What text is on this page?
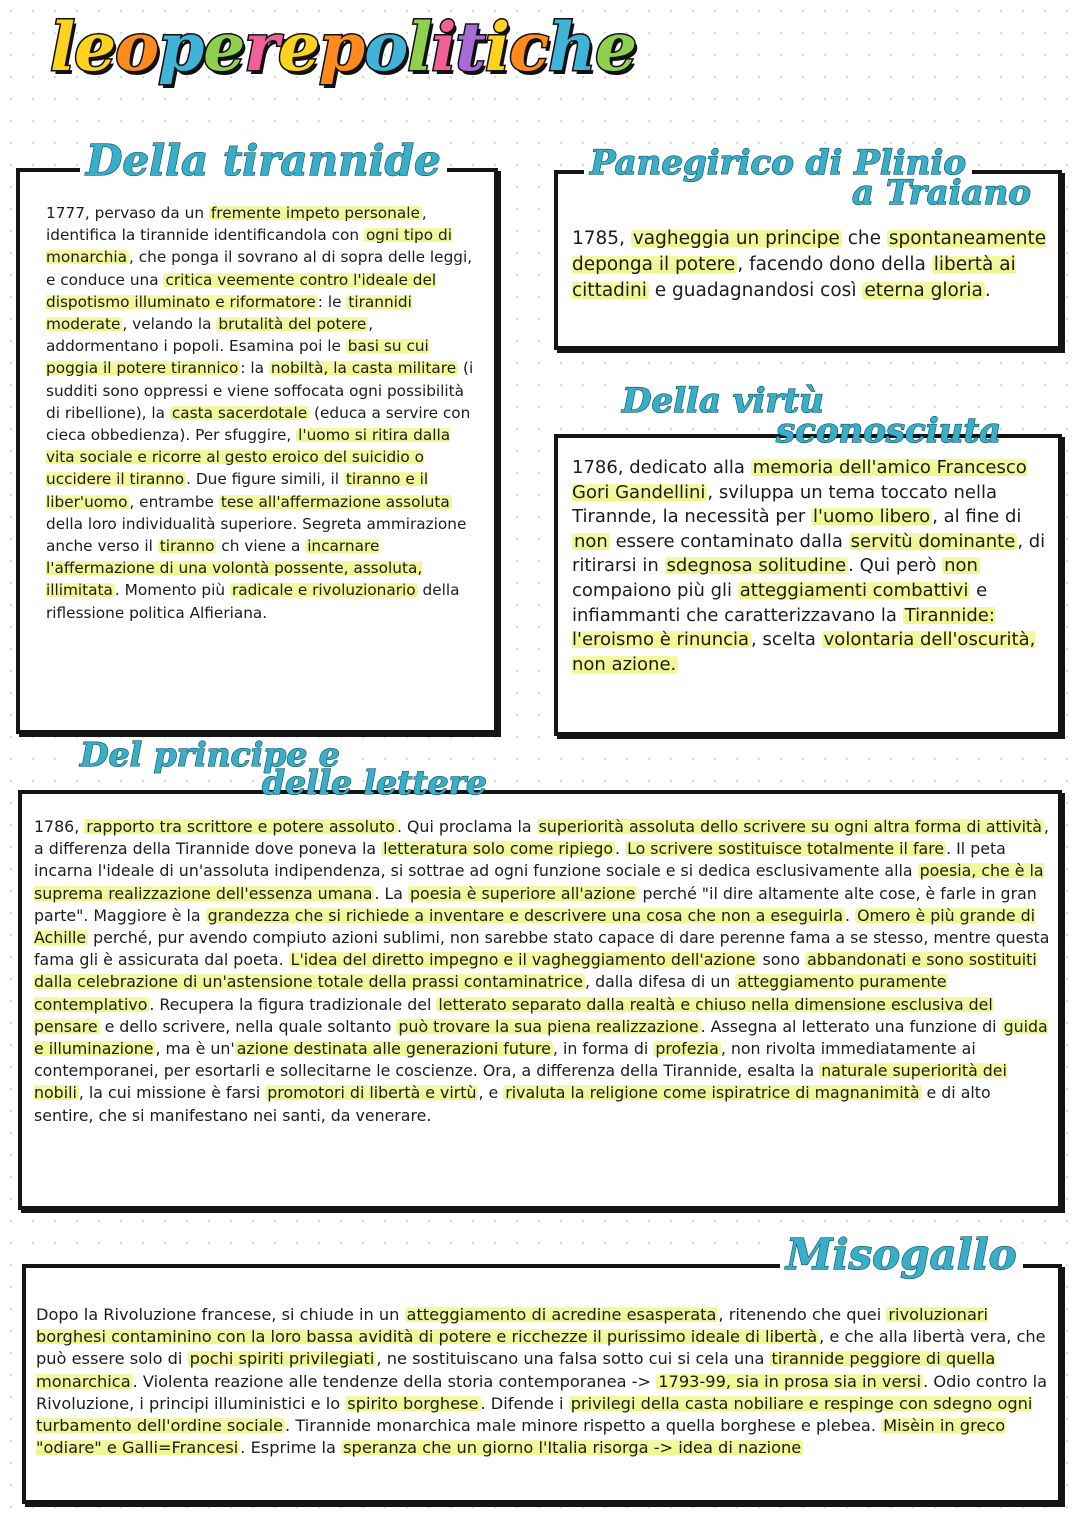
leoperepolitiche

1777, pervaso da un fremente impeto personale , identifica la tirannide identificandola con ogni tipo di monarchia , che ponga il sovrano al di sopra delle leggi, e conduce una critica veemente contro l'ideale del dispotismo illuminato e riformatore : le tirannidi moderate , velando la brutalità del potere , addormentano i popoli. Esamina poi le basi su cui poggia il potere tirannico : la nobiltà, la casta militare (i sudditi sono oppressi e viene soffocata ogni possibilità di ribellione), la casta sacerdotale (educa a servire con cieca obbedienza). Per sfuggire, l'uomo si ritira dalla vita sociale e ricorre al gesto eroico del suicidio o uccidere il tiranno . Due figure simili, il tiranno e il liber'uomo , entrambe tese all'affermazione assoluta della loro individualità superiore. Segreta ammirazione anche verso il tiranno ch viene a incarnare l'affermazione di una volontà possente, assoluta, illimitata . Momento più radicale e rivoluzionario della riflessione politica Alfieriana.

Della tirannide

1785, vagheggia un principe che spontaneamente deponga il potere , facendo dono della libertà ai cittadini e guadagnandosi così eterna gloria .

Panegirico di Plinio
a Traiano

1786, dedicato alla memoria dell'amico Francesco Gori Gandellini , sviluppa un tema toccato nella Tirannde, la necessità per l'uomo libero , al fine di non essere contaminato dalla servitù dominante , di ritirarsi in sdegnosa solitudine . Qui però non compaiono più gli atteggiamenti combattivi e infiammanti che caratterizzavano la Tirannide: l'eroismo è rinuncia , scelta volontaria dell'oscurità, non azione.

Della virtù
sconosciuta

1786, rapporto tra scrittore e potere assoluto . Qui proclama la superiorità assoluta dello scrivere su ogni altra forma di attività , a differenza della Tirannide dove poneva la letteratura solo come ripiego . Lo scrivere sostituisce totalmente il fare . Il peta incarna l'ideale di un'assoluta indipendenza, si sottrae ad ogni funzione sociale e si dedica esclusivamente alla poesia, che è la suprema realizzazione dell'essenza umana . La poesia è superiore all'azione perché "il dire altamente alte cose, è farle in gran parte". Maggiore è la grandezza che si richiede a inventare e descrivere una cosa che non a eseguirla . Omero è più grande di Achille perché, pur avendo compiuto azioni sublimi, non sarebbe stato capace di dare perenne fama a se stesso, mentre questa fama gli è assicurata dal poeta. L'idea del diretto impegno e il vagheggiamento dell'azione sono abbandonati e sono sostituiti dalla celebrazione di un'astensione totale della prassi contaminatrice , dalla difesa di un atteggiamento puramente contemplativo . Recupera la figura tradizionale del letterato separato dalla realtà e chiuso nella dimensione esclusiva del pensare e dello scrivere, nella quale soltanto può trovare la sua piena realizzazione . Assegna al letterato una funzione di guida e illuminazione , ma è un' azione destinata alle generazioni future , in forma di profezia , non rivolta immediatamente ai contemporanei, per esortarli e sollecitarne le coscienze. Ora, a differenza della Tirannide, esalta la naturale superiorità dei nobili , la cui missione è farsi promotori di libertà e virtù , e rivaluta la religione come ispiratrice di magnanimità e di alto sentire, che si manifestano nei santi, da venerare.

Del principe e
delle lettere

Dopo la Rivoluzione francese, si chiude in un atteggiamento di acredine esasperata , ritenendo che quei rivoluzionari borghesi contaminino con la loro bassa avidità di potere e ricchezze il purissimo ideale di libertà , e che alla libertà vera, che può essere solo di pochi spiriti privilegiati , ne sostituiscano una falsa sotto cui si cela una tirannide peggiore di quella monarchica . Violenta reazione alle tendenze della storia contemporanea -> 1793-99, sia in prosa sia in versi . Odio contro la Rivoluzione, i principi illuministici e lo spirito borghese . Difende i privilegi della casta nobiliare e respinge con sdegno ogni turbamento dell'ordine sociale . Tirannide monarchica male minore rispetto a quella borghese e plebea. Misèin in greco "odiare" e Galli=Francesi . Esprime la speranza che un giorno l'Italia risorga -> idea di nazione

Misogallo
